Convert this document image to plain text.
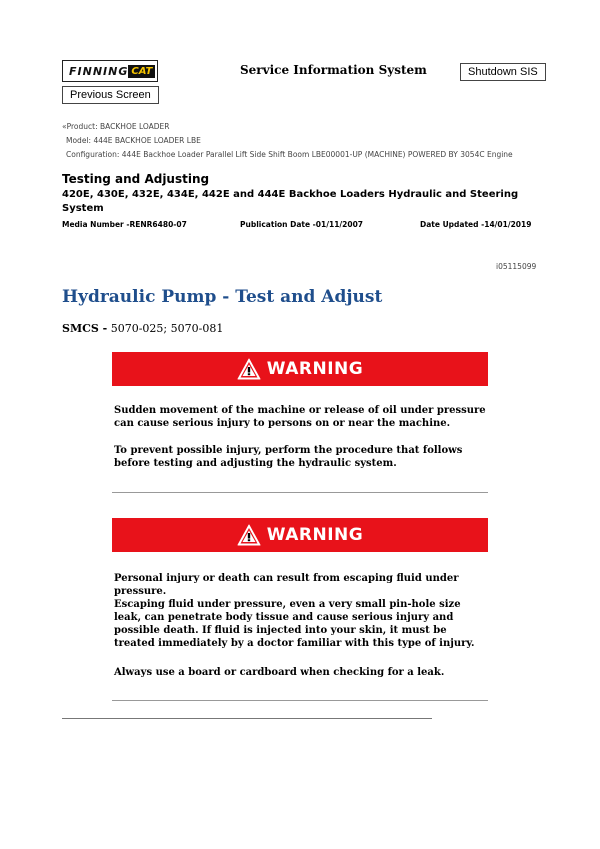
FINNING CAT	Service Information System	Shutdown SIS
Previous Screen
«Product: BACKHOE LOADER
Model: 444E BACKHOE LOADER LBE
Configuration: 444E Backhoe Loader Parallel Lift Side Shift Boom LBE00001-UP (MACHINE) POWERED BY 3054C Engine
Testing and Adjusting
420E, 430E, 432E, 434E, 442E and 444E Backhoe Loaders Hydraulic and Steering System
Media Number -RENR6480-07	Publication Date -01/11/2007	Date Updated -14/01/2019
i05115099
Hydraulic Pump - Test and Adjust
SMCS - 5070-025; 5070-081
WARNING
Sudden movement of the machine or release of oil under pressure can cause serious injury to persons on or near the machine.
To prevent possible injury, perform the procedure that follows before testing and adjusting the hydraulic system.
WARNING
Personal injury or death can result from escaping fluid under pressure.
Escaping fluid under pressure, even a very small pin-hole size leak, can penetrate body tissue and cause serious injury and possible death. If fluid is injected into your skin, it must be treated immediately by a doctor familiar with this type of injury.
Always use a board or cardboard when checking for a leak.
